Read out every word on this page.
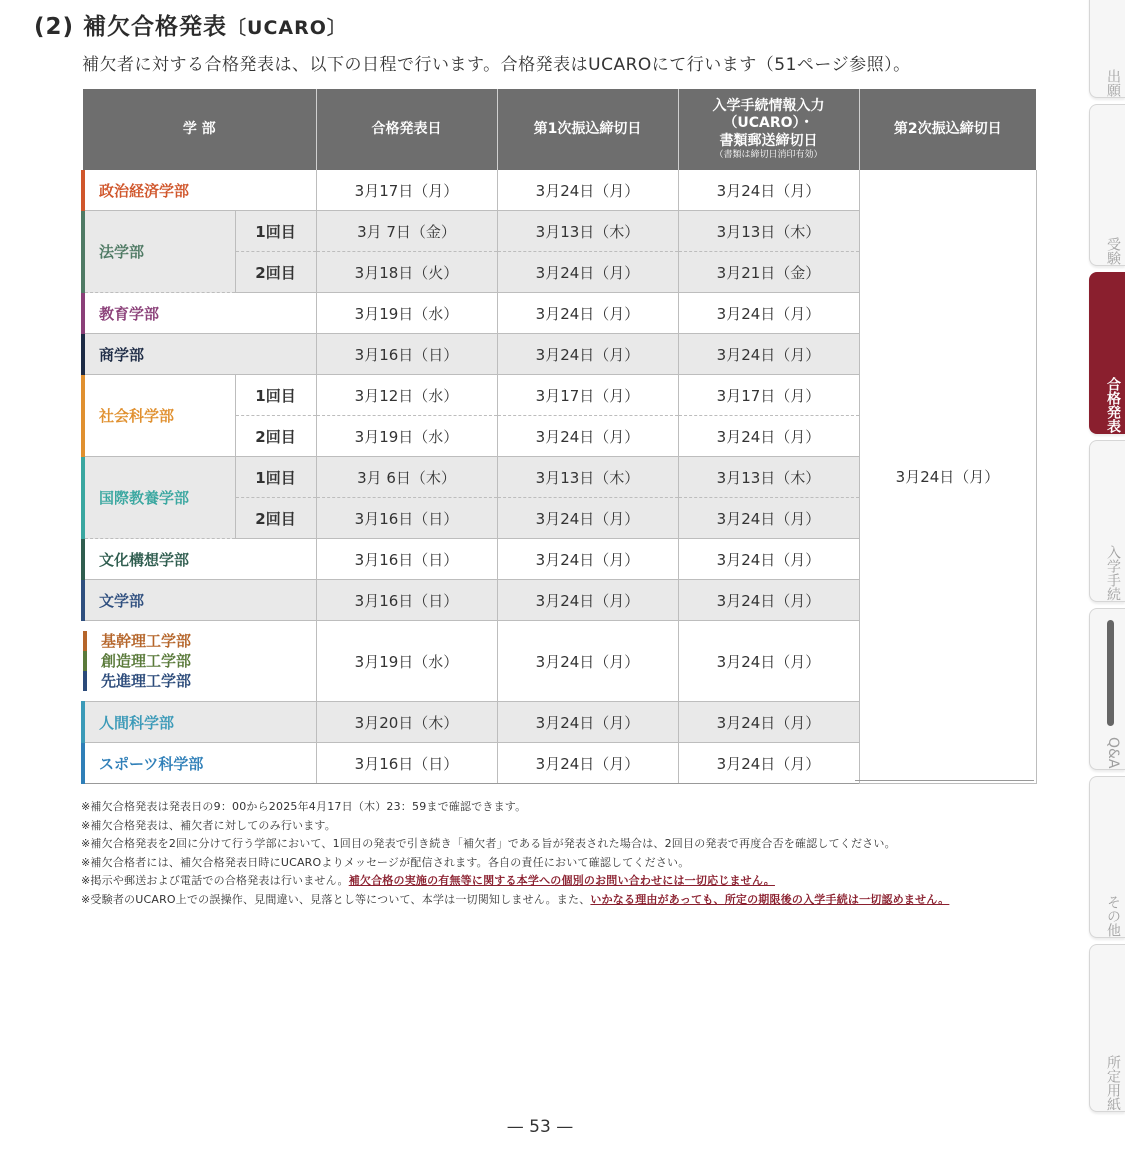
(2) 補欠合格発表〔UCARO〕
補欠者に対する合格発表は、以下の日程で行います。合格発表はUCAROにて行います（51ページ参照）。
学 部		合格発表日	第1次振込締切日	入学手続情報入力
（UCARO）・
書類郵送締切日
（書類は締切日消印有効）	第2次振込締切日
政治経済学部		3月17日（月）	3月24日（月）	3月24日（月）	3月24日（月）
法学部	1回目	3月 7日（金）	3月13日（木）	3月13日（木）	
	2回目	3月18日（火）	3月24日（月）	3月21日（金）	
教育学部		3月19日（水）	3月24日（月）	3月24日（月）	
商学部		3月16日（日）	3月24日（月）	3月24日（月）	
社会科学部	1回目	3月12日（水）	3月17日（月）	3月17日（月）	
	2回目	3月19日（水）	3月24日（月）	3月24日（月）	
国際教養学部	1回目	3月 6日（木）	3月13日（木）	3月13日（木）	
	2回目	3月16日（日）	3月24日（月）	3月24日（月）	
文化構想学部		3月16日（日）	3月24日（月）	3月24日（月）	
文学部		3月16日（日）	3月24日（月）	3月24日（月）	

基幹理工学部
創造理工学部
先進理工学部		3月19日（水）	3月24日（月）	3月24日（月）	
人間科学部		3月20日（木）	3月24日（月）	3月24日（月）	
スポーツ科学部		3月16日（日）	3月24日（月）	3月24日（月）	
※補欠合格発表は発表日の9：00から2025年4月17日（木）23：59まで確認できます。
※補欠合格発表は、補欠者に対してのみ行います。
※補欠合格発表を2回に分けて行う学部において、1回目の発表で引き続き「補欠者」である旨が発表された場合は、2回目の発表で再度合否を確認してください。
※補欠合格者には、補欠合格発表日時にUCAROよりメッセージが配信されます。各自の責任において確認してください。
※掲示や郵送および電話での合格発表は行いません。補欠合格の実施の有無等に関する本学への個別のお問い合わせには一切応じません。
※受験者のUCARO上での誤操作、見間違い、見落とし等について、本学は一切関知しません。また、いかなる理由があっても、所定の期限後の入学手続は一切認めません。
— 53 —
出願
受験
合格発表
入学手続
Q&A
その他
所定用紙
